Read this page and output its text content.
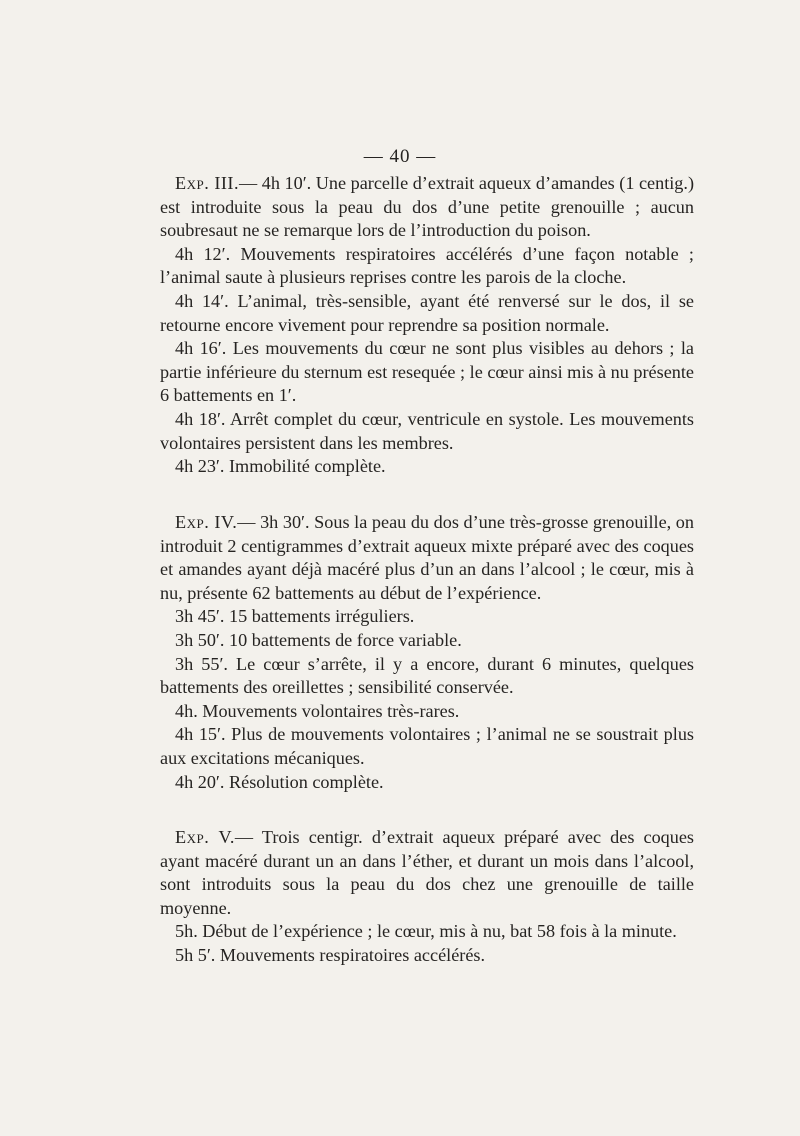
— 40 —

Exp. III.— 4h 10′. Une parcelle d’extrait aqueux d’amandes (1 centig.) est introduite sous la peau du dos d’une petite grenouille ; aucun soubresaut ne se remarque lors de l’introduction du poison.

4h 12′. Mouvements respiratoires accélérés d’une façon notable ; l’animal saute à plusieurs reprises contre les parois de la cloche.

4h 14′. L’animal, très-sensible, ayant été renversé sur le dos, il se retourne encore vivement pour reprendre sa position normale.

4h 16′. Les mouvements du cœur ne sont plus visibles au dehors ; la partie inférieure du sternum est resequée ; le cœur ainsi mis à nu présente 6 battements en 1′.

4h 18′. Arrêt complet du cœur, ventricule en systole. Les mouvements volontaires persistent dans les membres.

4h 23′. Immobilité complète.

Exp. IV.— 3h 30′. Sous la peau du dos d’une très-grosse grenouille, on introduit 2 centigrammes d’extrait aqueux mixte préparé avec des coques et amandes ayant déjà macéré plus d’un an dans l’alcool ; le cœur, mis à nu, présente 62 battements au début de l’expérience.

3h 45′. 15 battements irréguliers.

3h 50′. 10 battements de force variable.

3h 55′. Le cœur s’arrête, il y a encore, durant 6 minutes, quelques battements des oreillettes ; sensibilité conservée.

4h. Mouvements volontaires très-rares.

4h 15′. Plus de mouvements volontaires ; l’animal ne se soustrait plus aux excitations mécaniques.

4h 20′. Résolution complète.

Exp. V.— Trois centigr. d’extrait aqueux préparé avec des coques ayant macéré durant un an dans l’éther, et durant un mois dans l’alcool, sont introduits sous la peau du dos chez une grenouille de taille moyenne.

5h. Début de l’expérience ; le cœur, mis à nu, bat 58 fois à la minute.

5h 5′. Mouvements respiratoires accélérés.
